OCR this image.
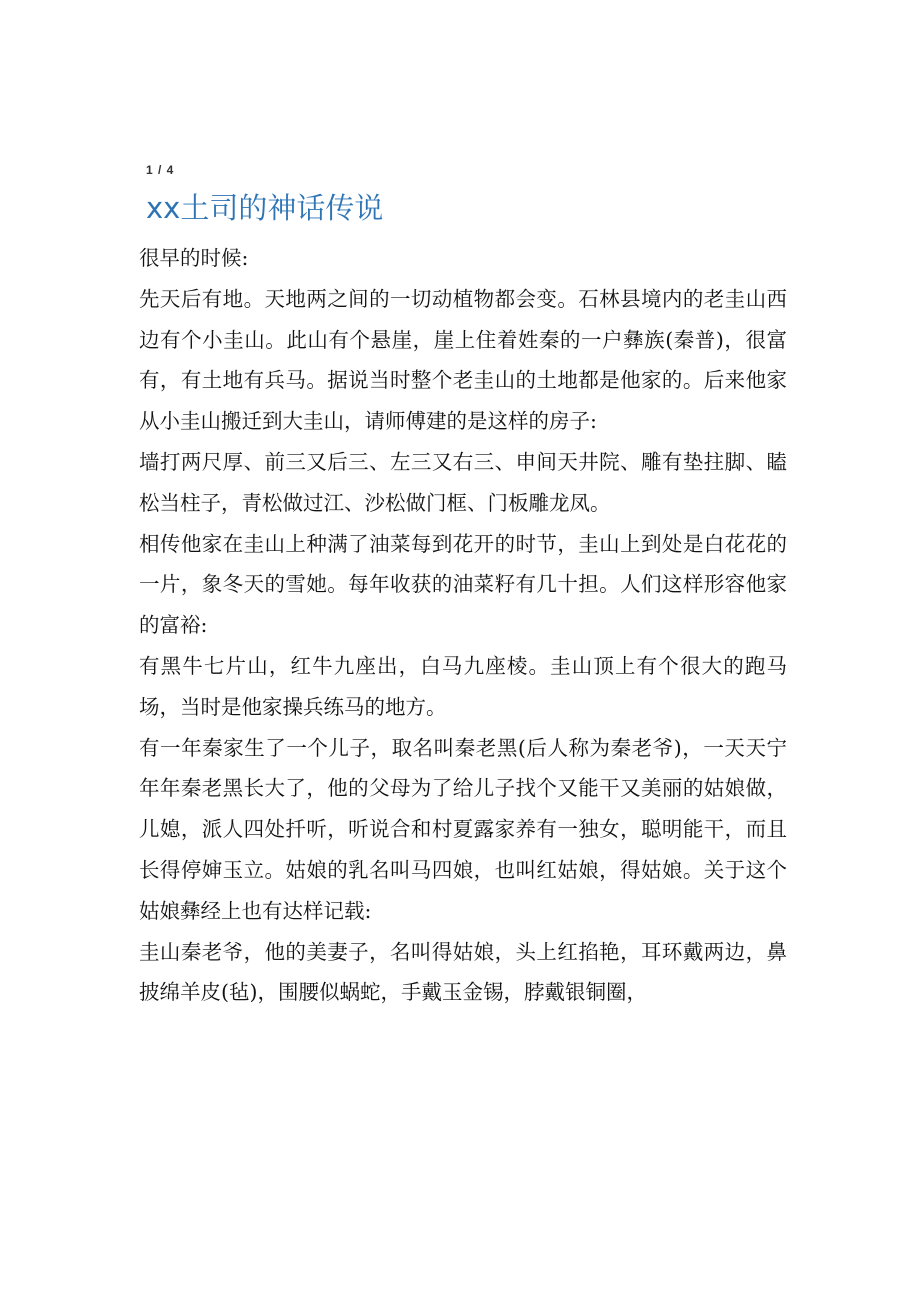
1 / 4
xx土司的神话传说

很早的时候:

先天后有地。天地两之间的一切动植物都会变。石林县境内的老圭山西边有个小圭山。此山有个悬崖，崖上住着姓秦的一户彝族(秦普)，很富有，有土地有兵马。据说当时整个老圭山的土地都是他家的。后来他家从小圭山搬迁到大圭山，请师傅建的是这样的房子:

墙打两尺厚、前三又后三、左三又右三、申间天井院、雕有垫拄脚、瞌松当柱子，青松做过江、沙松做门框、门板雕龙凤。

相传他家在圭山上种满了油菜每到花开的时节，圭山上到处是白花花的一片，象冬天的雪她。每年收获的油菜籽有几十担。人们这样形容他家的富裕:

有黑牛七片山，红牛九座出，白马九座棱。圭山顶上有个很大的跑马场，当时是他家操兵练马的地方。

有一年秦家生了一个儿子，取名叫秦老黑(后人称为秦老爷)，一天天宁年年秦老黑长大了，他的父母为了给儿子找个又能干又美丽的姑娘做，儿媳，派人四处扦听，听说合和村夏露家养有一独女，聪明能干，而且长得停婶玉立。姑娘的乳名叫马四娘，也叫红姑娘，得姑娘。关于这个姑娘彝经上也有达样记载:

圭山秦老爷，他的美妻子，名叫得姑娘，头上红掐艳，耳环戴两边，鼻披绵羊皮(毡)，围腰似蜗蛇，手戴玉金锡，脖戴银铜圈，
